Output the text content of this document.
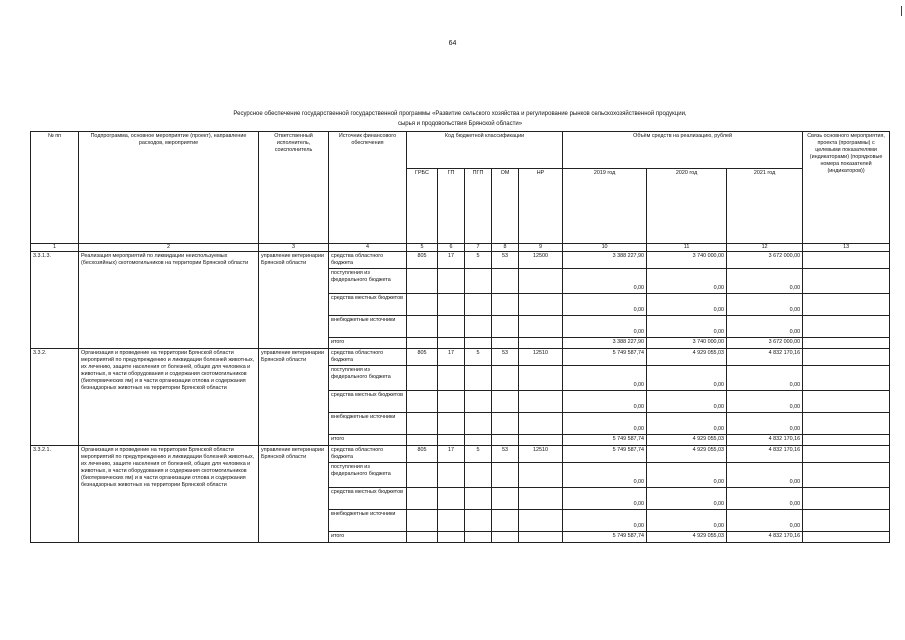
64
Ресурсное обеспечение государственной государственной программы «Развитие сельского хозяйства и регулирование рынков сельскохозяйственной продукции,
сырья и продовольствия Брянской области»
№ пп	Подпрограмма, основное мероприятие (проект), направление расходов, мероприятие	Ответственный исполнитель, соисполнитель	Источник финансового обеспечения	Код бюджетной классификации					Объём средств на реализацию, рублей			Связь основного мероприятия, проекта (программы) с целевыми показателями (индикаторами) (порядковые номера показателей (индикаторов))
				ГРБС	ГП	ПГП	ОМ	НР	2019 год	2020 год	2021 год	
1	2	3	4	5	6	7	8	9	10	11	12	13
3.3.1.3.	Реализация мероприятий по ликвидации неиспользуемых (бесхозяйных) скотомогильников на территории Брянской области	управление ветеринарии Брянской области	средства областного бюджета	805	17	5	53	12500	3 388 227,90	3 740 000,00	3 672 000,00	
			поступления из федерального бюджета						0,00	0,00	0,00	
			средства местных бюджетов						0,00	0,00	0,00	
			внебюджетные источники						0,00	0,00	0,00	
			итого						3 388 227,90	3 740 000,00	3 672 000,00	
3.3.2.	Организация и проведение на территории Брянской области мероприятий по предупреждению и ликвидации болезней животных, их лечению, защите населения от болезней, общих для человека и животных, в части оборудования и содержания скотомогильников (биотермических ям) и в части организации отлова и содержания безнадзорных животных на территории Брянской области	управление ветеринарии Брянской области	средства областного бюджета	805	17	5	53	12510	5 749 587,74	4 929 055,03	4 832 170,16	
			поступления из федерального бюджета						0,00	0,00	0,00	
			средства местных бюджетов						0,00	0,00	0,00	
			внебюджетные источники						0,00	0,00	0,00	
			итого						5 749 587,74	4 929 055,03	4 832 170,16	
3.3.2.1.	Организация и проведение на территории Брянской области мероприятий по предупреждению и ликвидации болезней животных, их лечению, защите населения от болезней, общих для человека и животных, в части оборудования и содержания скотомогильников (биотермических ям) и в части организации отлова и содержания безнадзорных животных на территории Брянской области	управление ветеринарии Брянской области	средства областного бюджета	805	17	5	53	12510	5 749 587,74	4 929 055,03	4 832 170,16	
			поступления из федерального бюджета						0,00	0,00	0,00	
			средства местных бюджетов						0,00	0,00	0,00	
			внебюджетные источники						0,00	0,00	0,00	
			итого						5 749 587,74	4 929 055,03	4 832 170,16	
